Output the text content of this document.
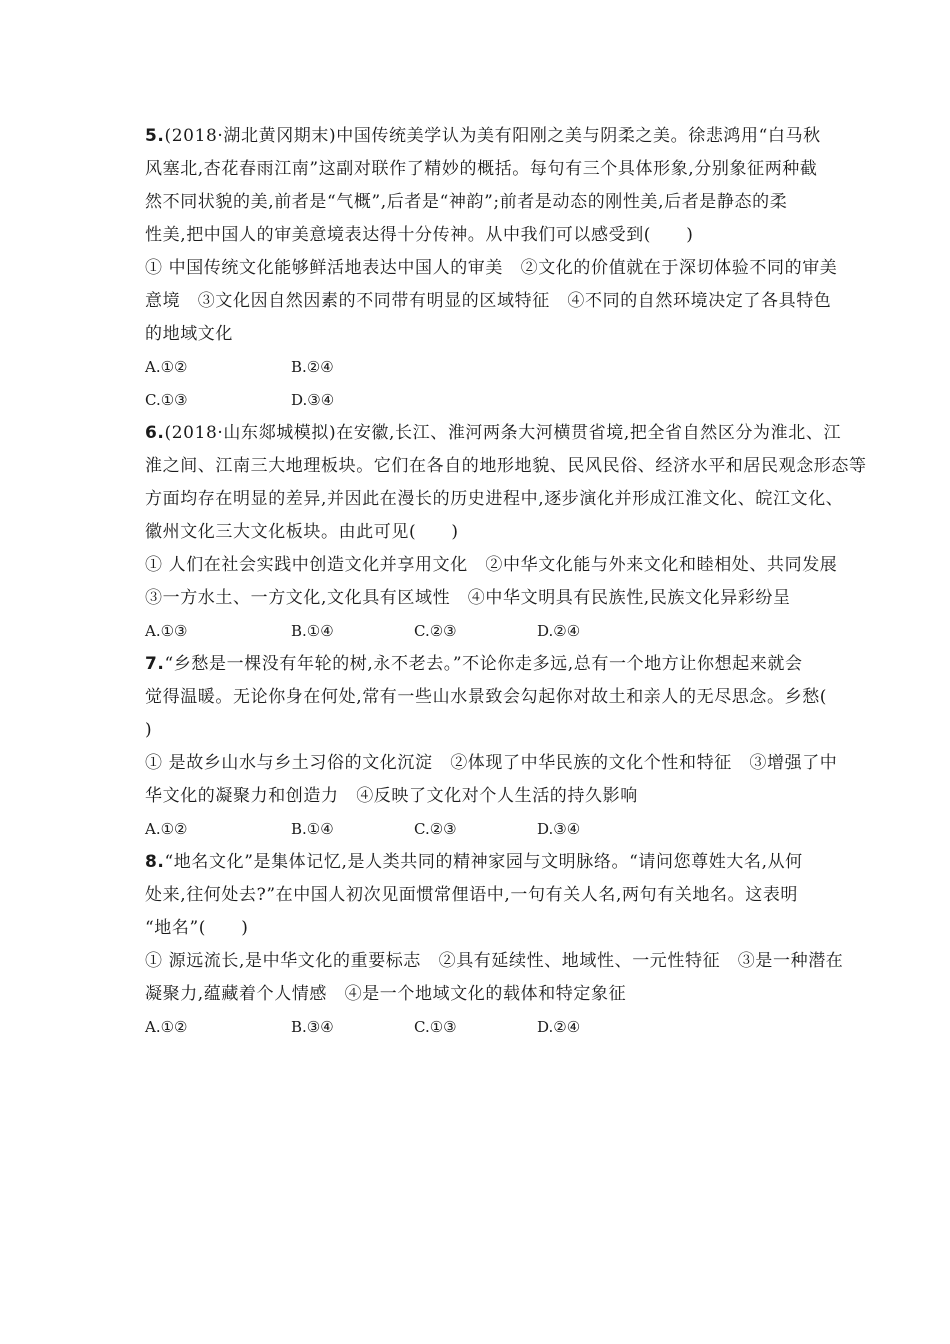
5.(2018·湖北黄冈期末)中国传统美学认为美有阳刚之美与阴柔之美。徐悲鸿用“白马秋
风塞北,杏花春雨江南”这副对联作了精妙的概括。每句有三个具体形象,分别象征两种截
然不同状貌的美,前者是“气概”,后者是“神韵”;前者是动态的刚性美,后者是静态的柔
性美,把中国人的审美意境表达得十分传神。从中我们可以感受到(　　)
① 中国传统文化能够鲜活地表达中国人的审美　②文化的价值就在于深切体验不同的审美
意境　③文化因自然因素的不同带有明显的区域特征　④不同的自然环境决定了各具特色
的地域文化
A.①②	B.②④
C.①③	D.③④
6.(2018·山东郯城模拟)在安徽,长江、淮河两条大河横贯省境,把全省自然区分为淮北、江
淮之间、江南三大地理板块。它们在各自的地形地貌、民风民俗、经济水平和居民观念形态等
方面均存在明显的差异,并因此在漫长的历史进程中,逐步演化并形成江淮文化、皖江文化、
徽州文化三大文化板块。由此可见(　　)
① 人们在社会实践中创造文化并享用文化　②中华文化能与外来文化和睦相处、共同发展
③一方水土、一方文化,文化具有区域性　④中华文明具有民族性,民族文化异彩纷呈
A.①③	B.①④	C.②③	D.②④
7.“乡愁是一棵没有年轮的树,永不老去。”不论你走多远,总有一个地方让你想起来就会
觉得温暖。无论你身在何处,常有一些山水景致会勾起你对故土和亲人的无尽思念。乡愁(
)
① 是故乡山水与乡土习俗的文化沉淀　②体现了中华民族的文化个性和特征　③增强了中
华文化的凝聚力和创造力　④反映了文化对个人生活的持久影响
A.①②	B.①④	C.②③	D.③④
8.“地名文化”是集体记忆,是人类共同的精神家园与文明脉络。“请问您尊姓大名,从何
处来,往何处去?”在中国人初次见面惯常俚语中,一句有关人名,两句有关地名。这表明
“地名”(　　)
① 源远流长,是中华文化的重要标志　②具有延续性、地域性、一元性特征　③是一种潜在
凝聚力,蕴藏着个人情感　④是一个地域文化的载体和特定象征
A.①②	B.③④	C.①③	D.②④
